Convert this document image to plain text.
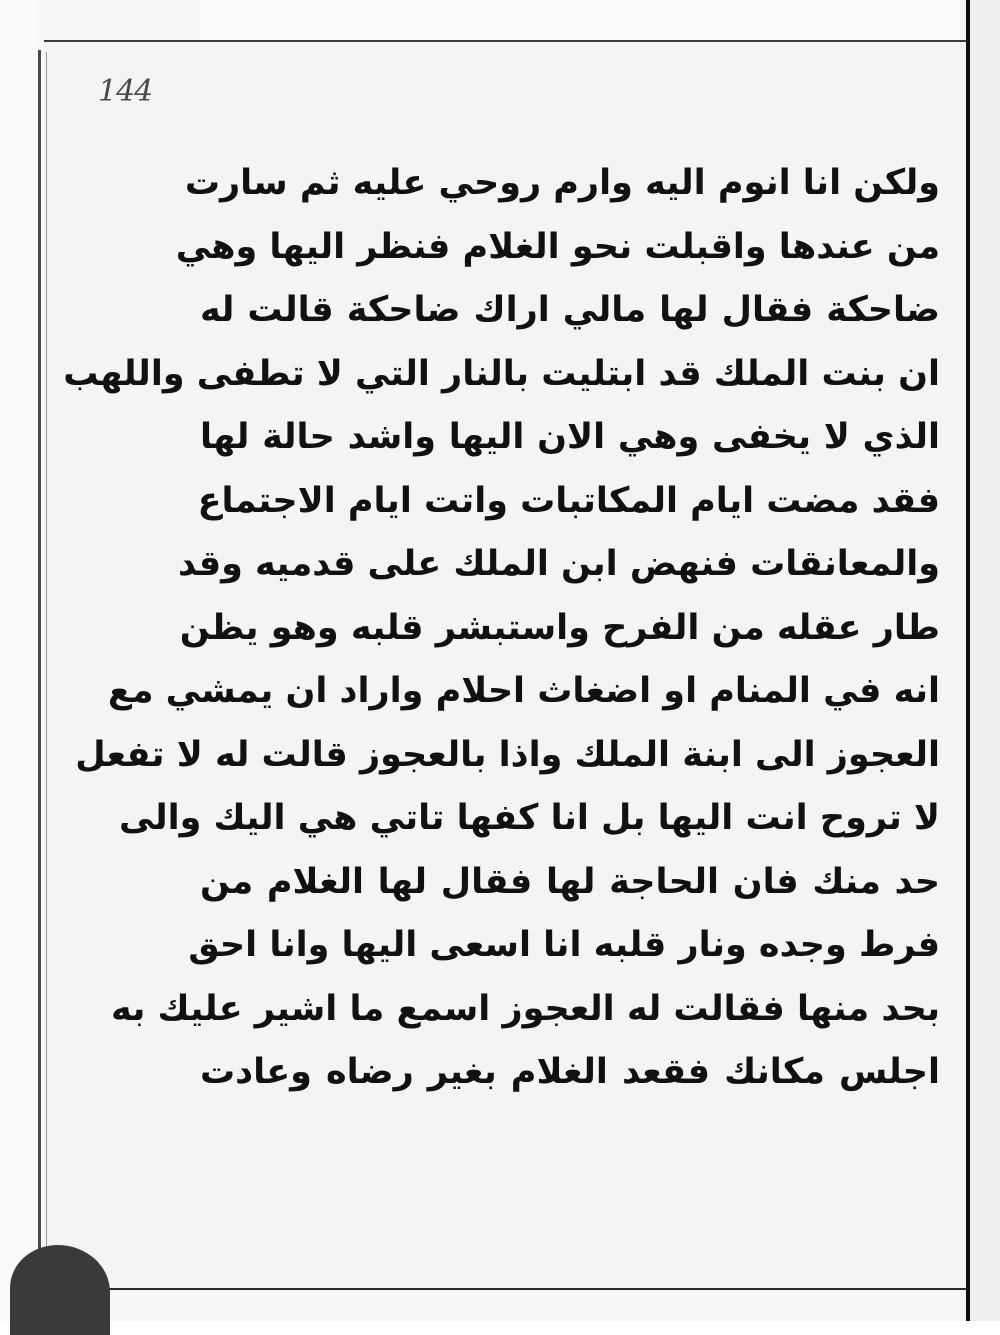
144
ولكن انا انوم اليه وارم روحي عليه ثم سارت
من عندها واقبلت نحو الغلام فنظر اليها وهي
ضاحكة فقال لها مالي اراك ضاحكة قالت له
ان بنت الملك قد ابتليت بالنار التي لا تطفى واللهب
الذي لا يخفى وهي الان اليها واشد حالة لها
فقد مضت ايام المكاتبات واتت ايام الاجتماع
والمعانقات فنهض ابن الملك على قدميه وقد
طار عقله من الفرح واستبشر قلبه وهو يظن
انه في المنام او اضغاث احلام واراد ان يمشي مع
العجوز الى ابنة الملك واذا بالعجوز قالت له لا تفعل
لا تروح انت اليها بل انا كفها تاتي هي اليك والى
حد منك فان الحاجة لها فقال لها الغلام من
فرط وجده ونار قلبه انا اسعى اليها وانا احق
بحد منها فقالت له العجوز اسمع ما اشير عليك به
اجلس مكانك فقعد الغلام بغير رضاه وعادت
